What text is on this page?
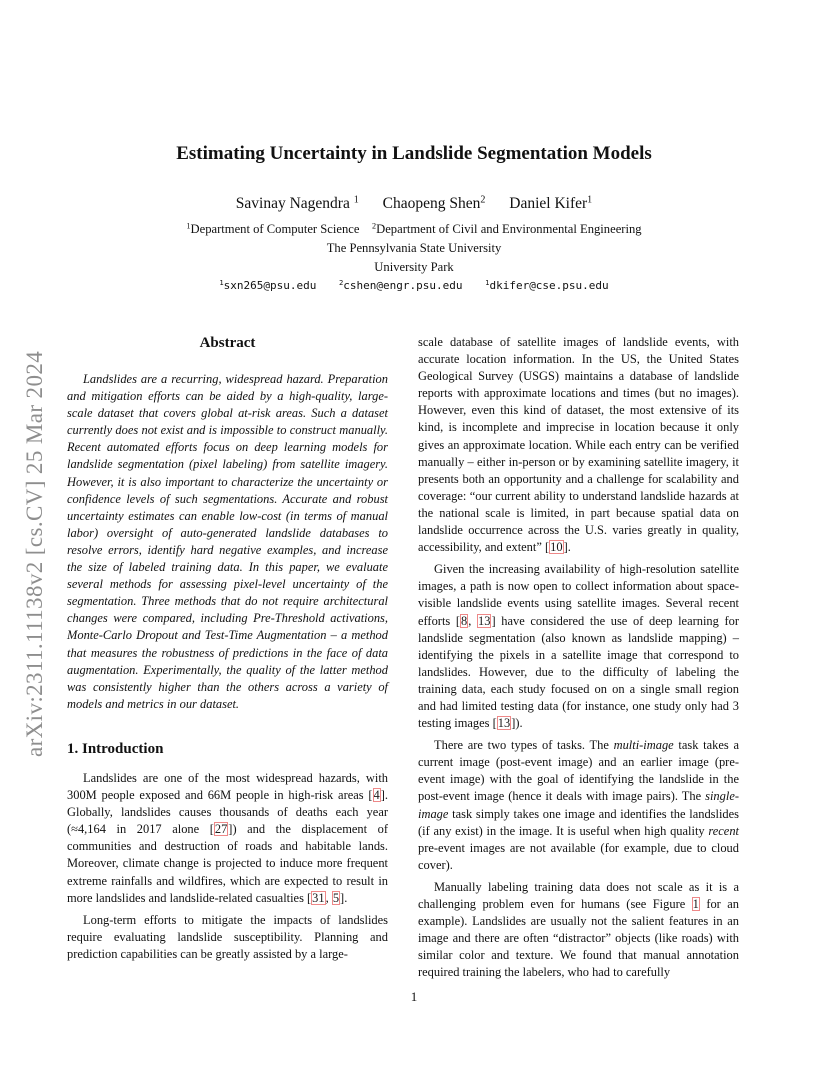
arXiv:2311.11138v2 [cs.CV] 25 Mar 2024
Estimating Uncertainty in Landslide Segmentation Models
Savinay Nagendra $^1$ Chaopeng Shen$^2$ Daniel Kifer$^1$
$^1$Department of Computer Science $^2$Department of Civil and Environmental Engineering
The Pennsylvania State University
University Park
$^1$sxn265@psu.edu	$^2$cshen@engr.psu.edu	$^1$dkifer@cse.psu.edu
Abstract

Landslides are a recurring, widespread hazard. Preparation and mitigation efforts can be aided by a high-quality, large-scale dataset that covers global at-risk areas. Such a dataset currently does not exist and is impossible to construct manually. Recent automated efforts focus on deep learning models for landslide segmentation (pixel labeling) from satellite imagery. However, it is also important to characterize the uncertainty or confidence levels of such segmentations. Accurate and robust uncertainty estimates can enable low-cost (in terms of manual labor) oversight of auto-generated landslide databases to resolve errors, identify hard negative examples, and increase the size of labeled training data. In this paper, we evaluate several methods for assessing pixel-level uncertainty of the segmentation. Three methods that do not require architectural changes were compared, including Pre-Threshold activations, Monte-Carlo Dropout and Test-Time Augmentation – a method that measures the robustness of predictions in the face of data augmentation. Experimentally, the quality of the latter method was consistently higher than the others across a variety of models and metrics in our dataset.

1. Introduction

Landslides are one of the most widespread hazards, with 300M people exposed and 66M people in high-risk areas [4]. Globally, landslides causes thousands of deaths each year (≈4,164 in 2017 alone [27]) and the displacement of communities and destruction of roads and habitable lands. Moreover, climate change is projected to induce more frequent extreme rainfalls and wildfires, which are expected to result in more landslides and landslide-related casualties [31, 5].

Long-term efforts to mitigate the impacts of landslides require evaluating landslide susceptibility. Planning and prediction capabilities can be greatly assisted by a large-

scale database of satellite images of landslide events, with accurate location information. In the US, the United States Geological Survey (USGS) maintains a database of landslide reports with approximate locations and times (but no images). However, even this kind of dataset, the most extensive of its kind, is incomplete and imprecise in location because it only gives an approximate location. While each entry can be verified manually – either in-person or by examining satellite imagery, it presents both an opportunity and a challenge for scalability and coverage: “our current ability to understand landslide hazards at the national scale is limited, in part because spatial data on landslide occurrence across the U.S. varies greatly in quality, accessibility, and extent” [10].

Given the increasing availability of high-resolution satellite images, a path is now open to collect information about space-visible landslide events using satellite images. Several recent efforts [8, 13] have considered the use of deep learning for landslide segmentation (also known as landslide mapping) – identifying the pixels in a satellite image that correspond to landslides. However, due to the difficulty of labeling the training data, each study focused on on a single small region and had limited testing data (for instance, one study only had 3 testing images [13]).

There are two types of tasks. The multi-image task takes a current image (post-event image) and an earlier image (pre-event image) with the goal of identifying the landslide in the post-event image (hence it deals with image pairs). The single-image task simply takes one image and identifies the landslides (if any exist) in the image. It is useful when high quality recent pre-event images are not available (for example, due to cloud cover).

Manually labeling training data does not scale as it is a challenging problem even for humans (see Figure 1 for an example). Landslides are usually not the salient features in an image and there are often “distractor” objects (like roads) with similar color and texture. We found that manual annotation required training the labelers, who had to carefully

1
